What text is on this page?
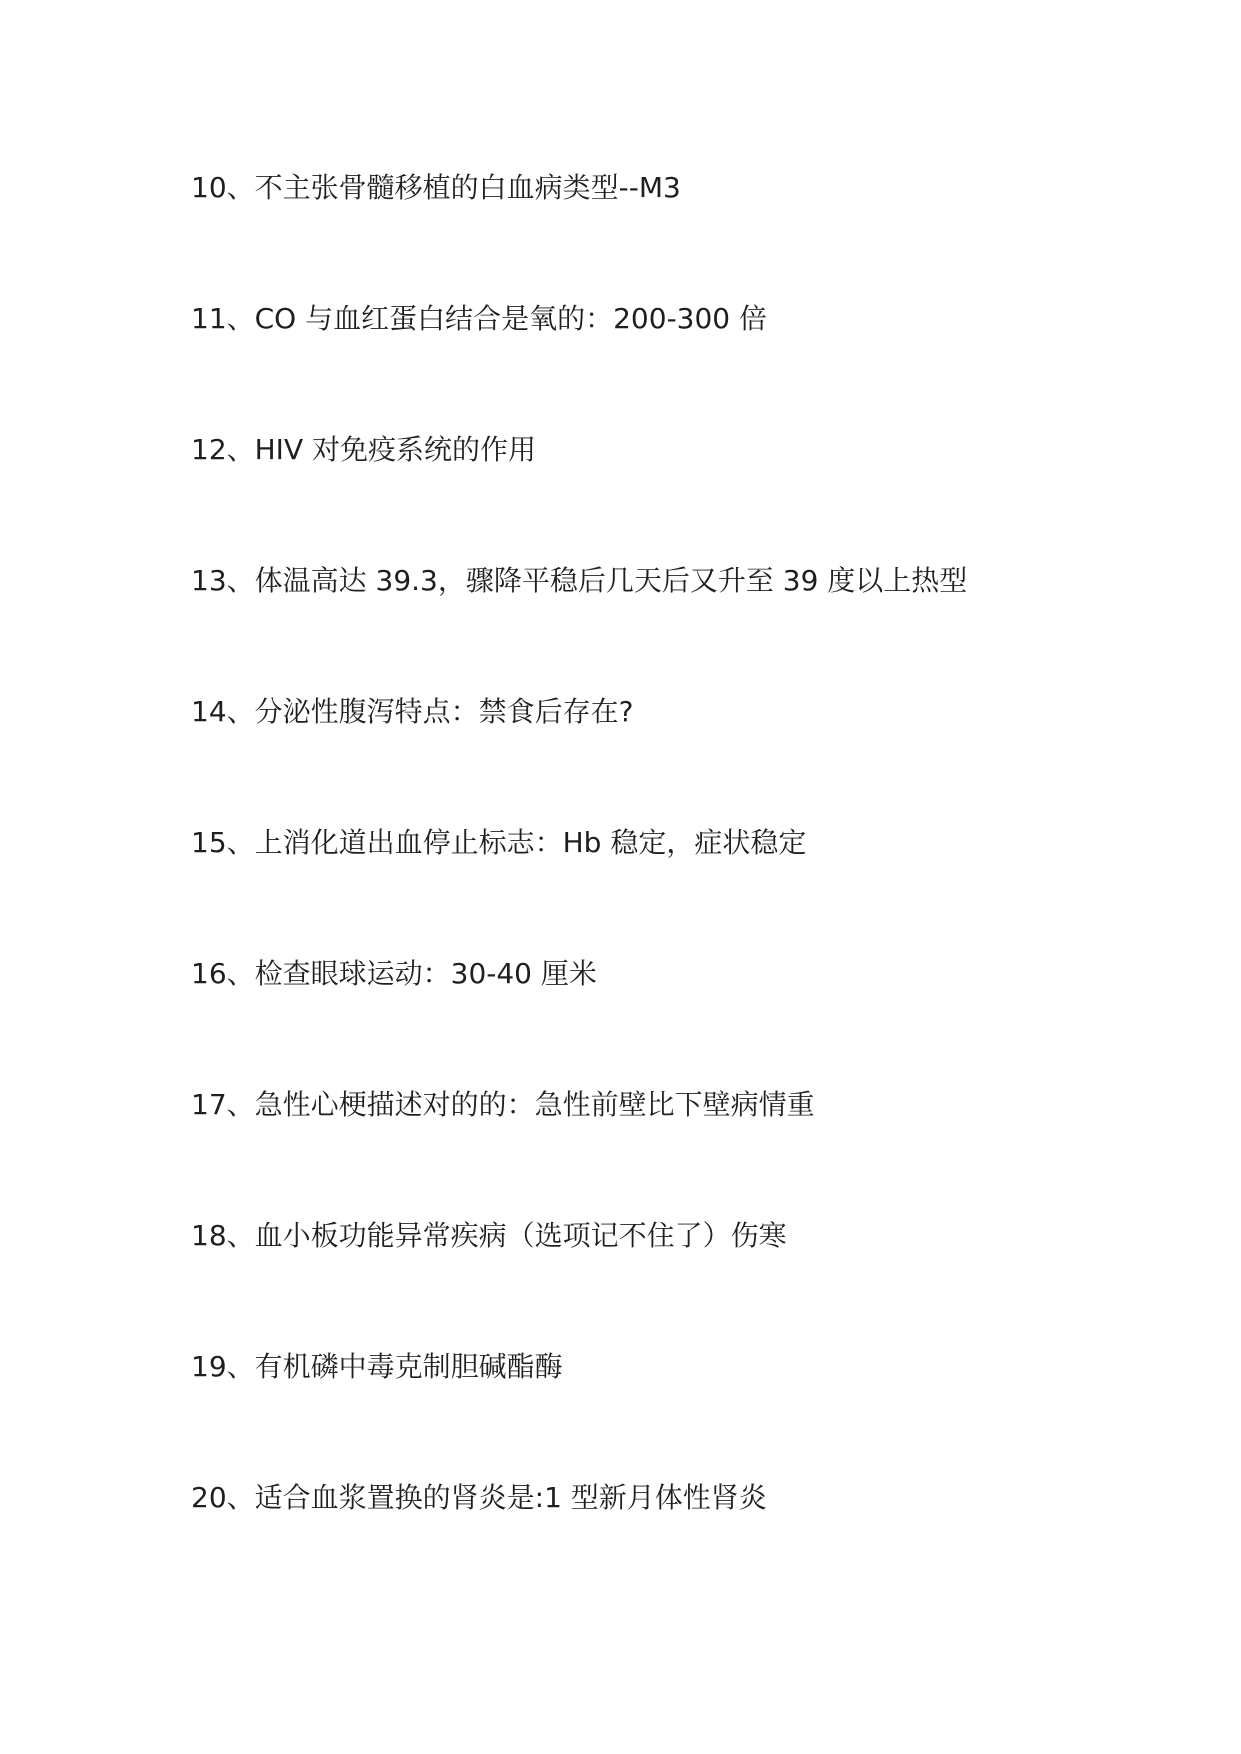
10、不主张骨髓移植的白血病类型--M3
11、CO 与血红蛋白结合是氧的：200-300 倍
12、HIV 对免疫系统的作用
13、体温高达 39.3，骤降平稳后几天后又升至 39 度以上热型
14、分泌性腹泻特点：禁食后存在?
15、上消化道出血停止标志：Hb 稳定，症状稳定
16、检查眼球运动：30-40 厘米
17、急性心梗描述对的的：急性前壁比下壁病情重
18、血小板功能异常疾病（选项记不住了）伤寒
19、有机磷中毒克制胆碱酯酶
20、适合血浆置换的肾炎是:1 型新月体性肾炎
